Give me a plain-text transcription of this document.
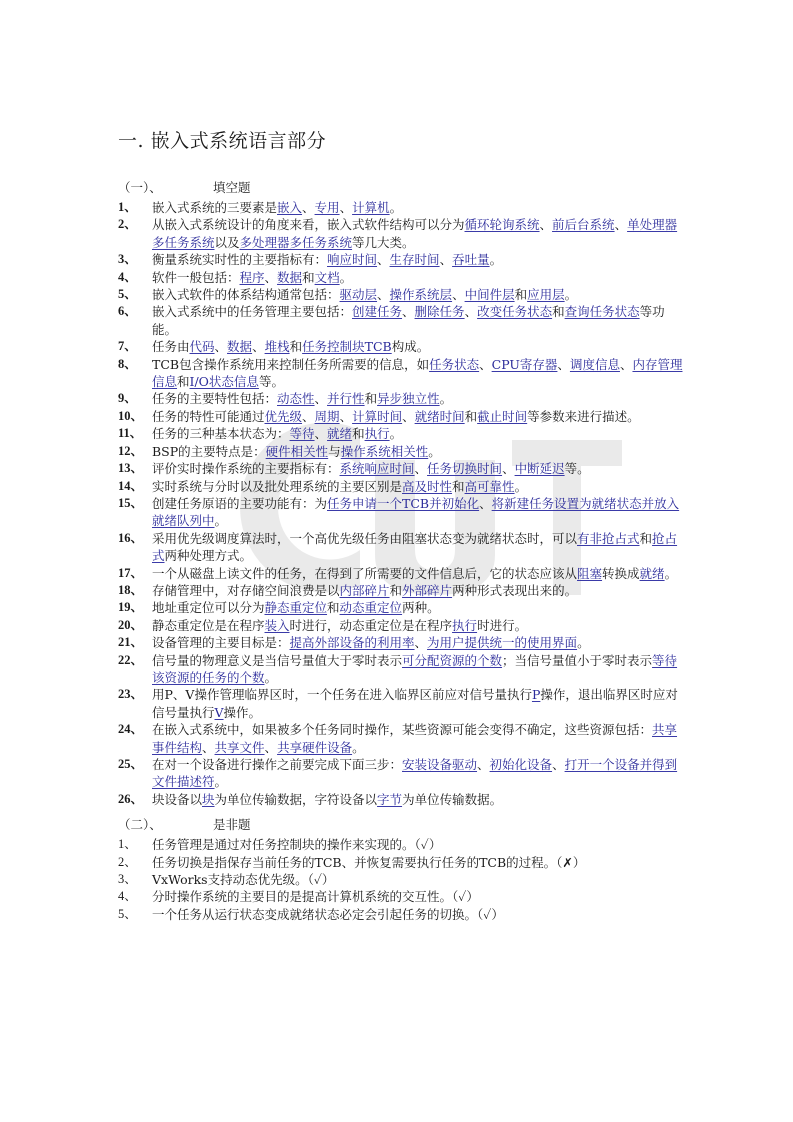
一. 嵌入式系统语言部分
（一）、	填空题
1、 嵌入式系统的三要素是嵌入、专用、计算机。
2、 从嵌入式系统设计的角度来看，嵌入式软件结构可以分为循环轮询系统、前后台系统、单处理器多任务系统以及多处理器多任务系统等几大类。
3、 衡量系统实时性的主要指标有：响应时间、生存时间、吞吐量。
4、 软件一般包括：程序、数据和文档。
5、 嵌入式软件的体系结构通常包括：驱动层、操作系统层、中间件层和应用层。
6、 嵌入式系统中的任务管理主要包括：创建任务、删除任务、改变任务状态和查询任务状态等功能。
7、 任务由代码、数据、堆栈和任务控制块TCB构成。
8、 TCB包含操作系统用来控制任务所需要的信息，如任务状态、CPU寄存器、调度信息、内存管理信息和I/O状态信息等。
9、 任务的主要特性包括：动态性、并行性和异步独立性。
10、 任务的特性可能通过优先级、周期、计算时间、就绪时间和截止时间等参数来进行描述。
11、 任务的三种基本状态为：等待、就绪和执行。
12、 BSP的主要特点是：硬件相关性与操作系统相关性。
13、 评价实时操作系统的主要指标有：系统响应时间、任务切换时间、中断延迟等。
14、 实时系统与分时以及批处理系统的主要区别是高及时性和高可靠性。
15、 创建任务原语的主要功能有：为任务申请一个TCB并初始化、将新建任务设置为就绪状态并放入就绪队列中。
16、 采用优先级调度算法时，一个高优先级任务由阻塞状态变为就绪状态时，可以有非抢占式和抢占式两种处理方式。
17、 一个从磁盘上读文件的任务，在得到了所需要的文件信息后，它的状态应该从阻塞转换成就绪。
18、 存储管理中，对存储空间浪费是以内部碎片和外部碎片两种形式表现出来的。
19、 地址重定位可以分为静态重定位和动态重定位两种。
20、 静态重定位是在程序装入时进行，动态重定位是在程序执行时进行。
21、 设备管理的主要目标是：提高外部设备的利用率、为用户提供统一的使用界面。
22、 信号量的物理意义是当信号量值大于零时表示可分配资源的个数；当信号量值小于零时表示等待该资源的任务的个数。
23、 用P、V操作管理临界区时，一个任务在进入临界区前应对信号量执行P操作，退出临界区时应对信号量执行V操作。
24、 在嵌入式系统中，如果被多个任务同时操作，某些资源可能会变得不确定，这些资源包括：共享事件结构、共享文件、共享硬件设备。
25、 在对一个设备进行操作之前要完成下面三步：安装设备驱动、初始化设备、打开一个设备并得到文件描述符。
26、 块设备以块为单位传输数据，字符设备以字节为单位传输数据。
（二）、	是非题
1、 任务管理是通过对任务控制块的操作来实现的。（✓）
2、 任务切换是指保存当前任务的TCB、并恢复需要执行任务的TCB的过程。（✗）
3、 VxWorks支持动态优先级。（✓）
4、 分时操作系统的主要目的是提高计算机系统的交互性。（✓）
5、 一个任务从运行状态变成就绪状态必定会引起任务的切换。（✓）
